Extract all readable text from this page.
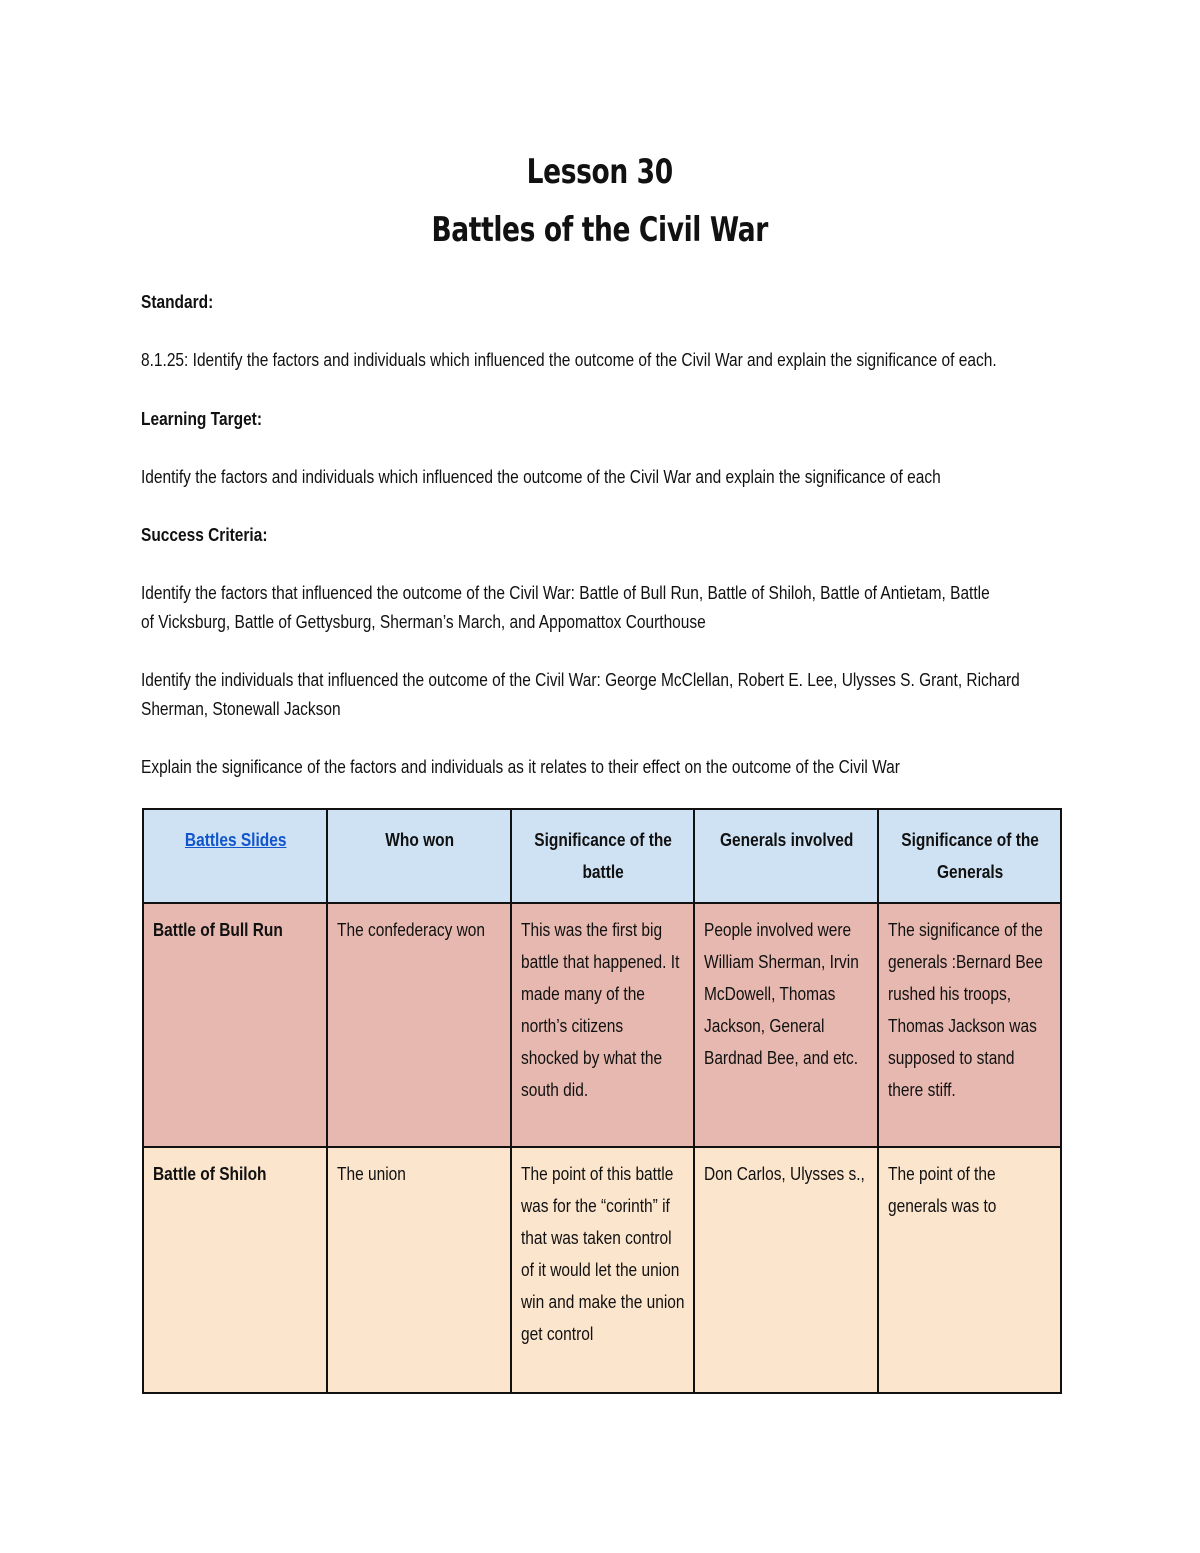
Lesson 30
Battles of the Civil War
Standard:
8.1.25: Identify the factors and individuals which influenced the outcome of the Civil War and explain the significance of each.
Learning Target:
Identify the factors and individuals which influenced the outcome of the Civil War and explain the significance of each
Success Criteria:
Identify the factors that influenced the outcome of the Civil War: Battle of Bull Run, Battle of Shiloh, Battle of Antietam, Battle
of Vicksburg, Battle of Gettysburg, Sherman’s March, and Appomattox Courthouse
Identify the individuals that influenced the outcome of the Civil War: George McClellan, Robert E. Lee, Ulysses S. Grant, Richard
Sherman, Stonewall Jackson
Explain the significance of the factors and individuals as it relates to their effect on the outcome of the Civil War
Battles Slides	Who won	Significance of the battle	Generals involved	Significance of the Generals

Battle of Bull Run	The confederacy won	This was the first big battle that happened. It made many of the north’s citizens shocked by what the south did.	People involved were William Sherman, Irvin McDowell, Thomas Jackson, General Bardnad Bee, and etc.	The significance of the generals :Bernard Bee rushed his troops, Thomas Jackson was supposed to stand there stiff.

Battle of Shiloh	The union	The point of this battle was for the “corinth” if that was taken control of it would let the union win and make the union get control	Don Carlos, Ulysses s.,	The point of the generals was to
